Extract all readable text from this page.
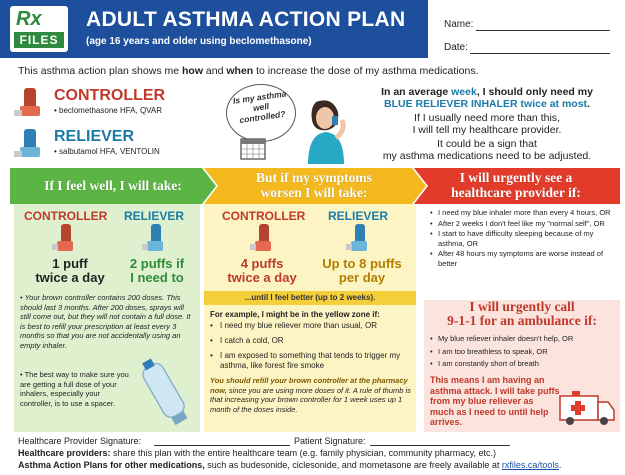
Rx
FILES
ADULT ASTHMA ACTION PLAN
(age 16 years and older using beclomethasone)
Name:
Date:
This asthma action plan shows me how and when to increase the dose of my asthma medications.
CONTROLLER
• beclomethasone HFA, QVAR
RELIEVER
• salbutamol HFA, VENTOLIN
Is my asthma well controlled?
In an average week, I should only need my
BLUE RELIEVER INHALER twice at most.
If I usually need more than this,
I will tell my healthcare provider.
It could be a sign that
my asthma medications need to be adjusted.
If I feel well, I will take:
But if my symptoms
worsen I will take:
I will urgently see a
healthcare provider if:
CONTROLLER RELIEVER
1 puff
twice a day
2 puffs if
I need to
• Your brown controller contains 200 doses. This should last 3 months. After 200 doses, sprays will still come out, but they will not contain a full dose. It is best to refill your prescription at least every 3 months so that you are not accidentally using an empty inhaler.
• The best way to make sure you are getting a full dose of your inhalers, especially your controller, is to use a spacer.
CONTROLLER RELIEVER
4 puffs
twice a day
Up to 8 puffs
per day
...until I feel better (up to 2 weeks).
For example, I might be in the yellow zone if:
• I need my blue reliever more than usual, OR
• I catch a cold, OR
• I am exposed to something that tends to trigger my asthma, like forest fire smoke
You should refill your brown controller at the pharmacy now, since you are using more doses of it. A rule of thumb is that increasing your brown controller for 1 week uses up 1 month of the doses inside.
• I need my blue inhaler more than every 4 hours, OR
• After 2 weeks I don't feel like my "normal self", OR
• I start to have difficulty sleeping because of my asthma, OR
• After 48 hours my symptoms are worse instead of better
I will urgently call
9-1-1 for an ambulance if:
• My blue reliever inhaler doesn't help, OR
• I am too breathless to speak, OR
• I am constantly short of breath
This means I am having an asthma attack. I will take puffs from my blue reliever as much as I need to until help arrives.
Healthcare Provider Signature:	Patient Signature:
Healthcare providers: share this plan with the entire healthcare team (e.g. family physician, community pharmacy, etc.)
Asthma Action Plans for other medications, such as budesonide, ciclesonide, and mometasone are freely available at rxfiles.ca/tools.
